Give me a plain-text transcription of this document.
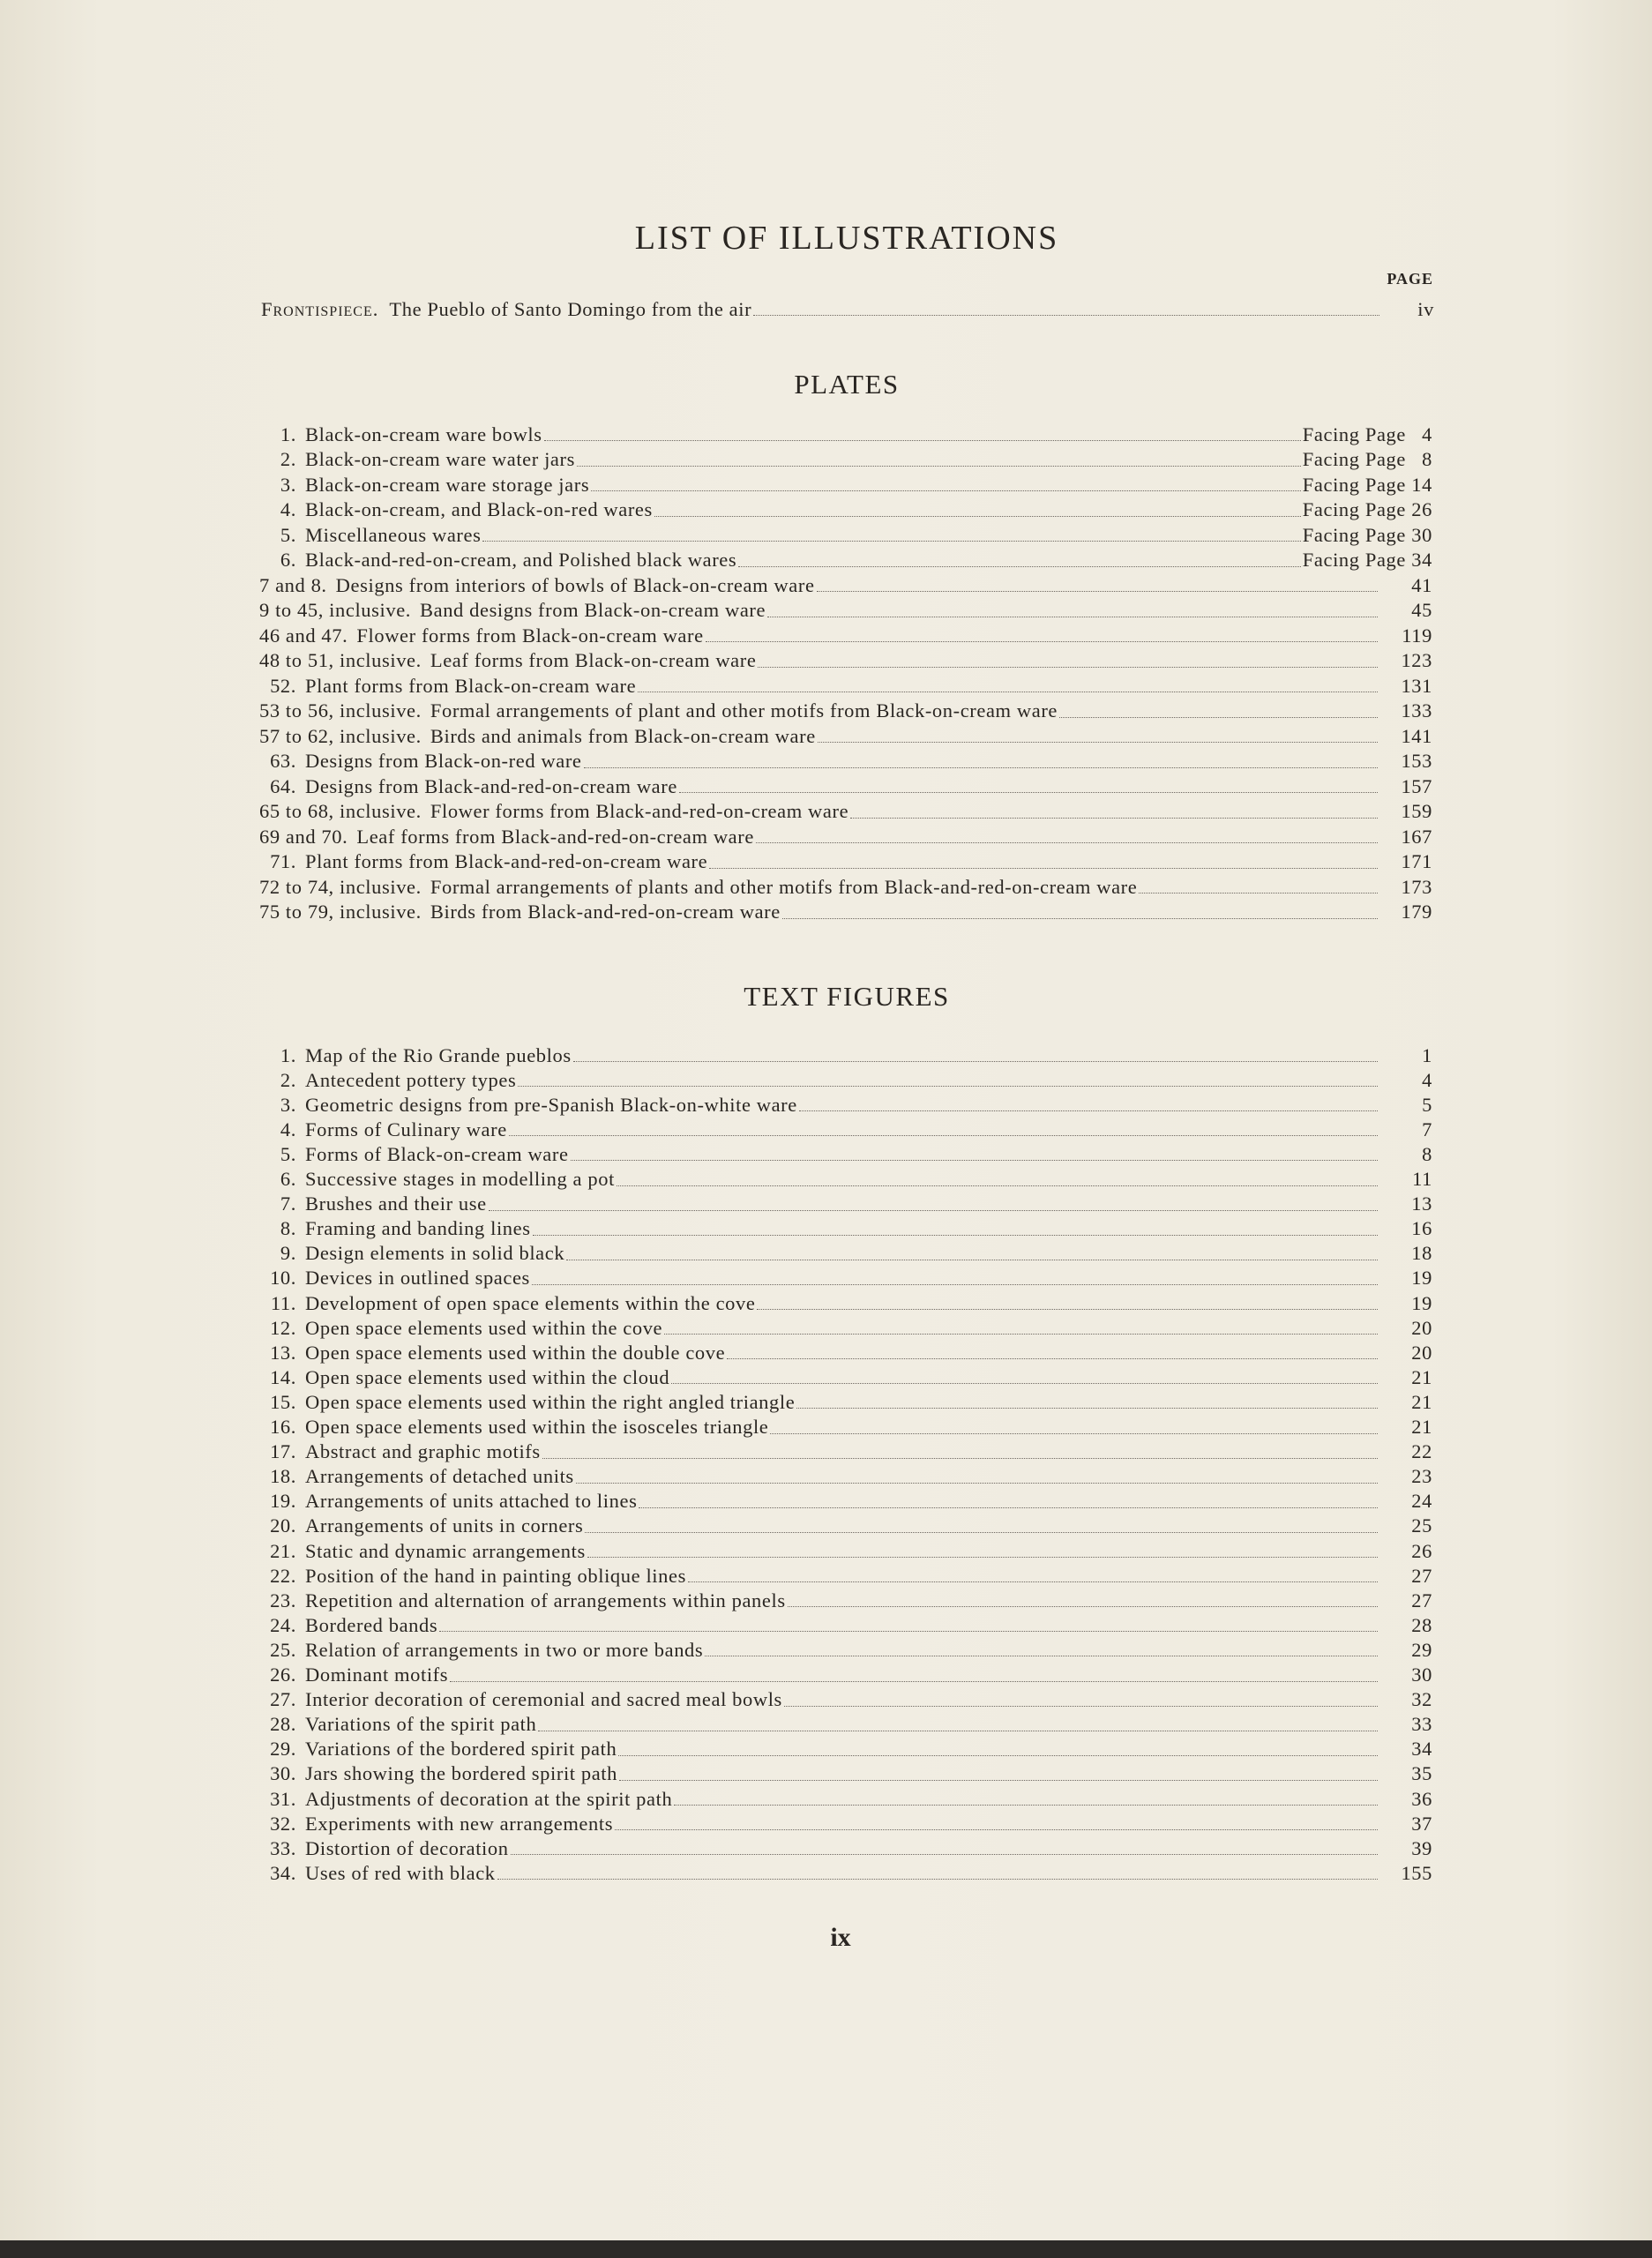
LIST OF ILLUSTRATIONS
PAGE
Frontispiece. The Pueblo of Santo Domingo from the air	iv
PLATES
1. Black-on-cream ware bowls	Facing Page 4
2. Black-on-cream ware water jars	Facing Page 8
3. Black-on-cream ware storage jars	Facing Page 14
4. Black-on-cream, and Black-on-red wares	Facing Page 26
5. Miscellaneous wares	Facing Page 30
6. Black-and-red-on-cream, and Polished black wares	Facing Page 34
7 and 8. Designs from interiors of bowls of Black-on-cream ware	41
9 to 45, inclusive. Band designs from Black-on-cream ware	45
46 and 47. Flower forms from Black-on-cream ware	119
48 to 51, inclusive. Leaf forms from Black-on-cream ware	123
52. Plant forms from Black-on-cream ware	131
53 to 56, inclusive. Formal arrangements of plant and other motifs from Black-on-cream ware	133
57 to 62, inclusive. Birds and animals from Black-on-cream ware	141
63. Designs from Black-on-red ware	153
64. Designs from Black-and-red-on-cream ware	157
65 to 68, inclusive. Flower forms from Black-and-red-on-cream ware	159
69 and 70. Leaf forms from Black-and-red-on-cream ware	167
71. Plant forms from Black-and-red-on-cream ware	171
72 to 74, inclusive. Formal arrangements of plants and other motifs from Black-and-red-on-cream ware	173
75 to 79, inclusive. Birds from Black-and-red-on-cream ware	179
TEXT FIGURES
1. Map of the Rio Grande pueblos	1
2. Antecedent pottery types	4
3. Geometric designs from pre-Spanish Black-on-white ware	5
4. Forms of Culinary ware	7
5. Forms of Black-on-cream ware	8
6. Successive stages in modelling a pot	11
7. Brushes and their use	13
8. Framing and banding lines	16
9. Design elements in solid black	18
10. Devices in outlined spaces	19
11. Development of open space elements within the cove	19
12. Open space elements used within the cove	20
13. Open space elements used within the double cove	20
14. Open space elements used within the cloud	21
15. Open space elements used within the right angled triangle	21
16. Open space elements used within the isosceles triangle	21
17. Abstract and graphic motifs	22
18. Arrangements of detached units	23
19. Arrangements of units attached to lines	24
20. Arrangements of units in corners	25
21. Static and dynamic arrangements	26
22. Position of the hand in painting oblique lines	27
23. Repetition and alternation of arrangements within panels	27
24. Bordered bands	28
25. Relation of arrangements in two or more bands	29
26. Dominant motifs	30
27. Interior decoration of ceremonial and sacred meal bowls	32
28. Variations of the spirit path	33
29. Variations of the bordered spirit path	34
30. Jars showing the bordered spirit path	35
31. Adjustments of decoration at the spirit path	36
32. Experiments with new arrangements	37
33. Distortion of decoration	39
34. Uses of red with black	155
ix
